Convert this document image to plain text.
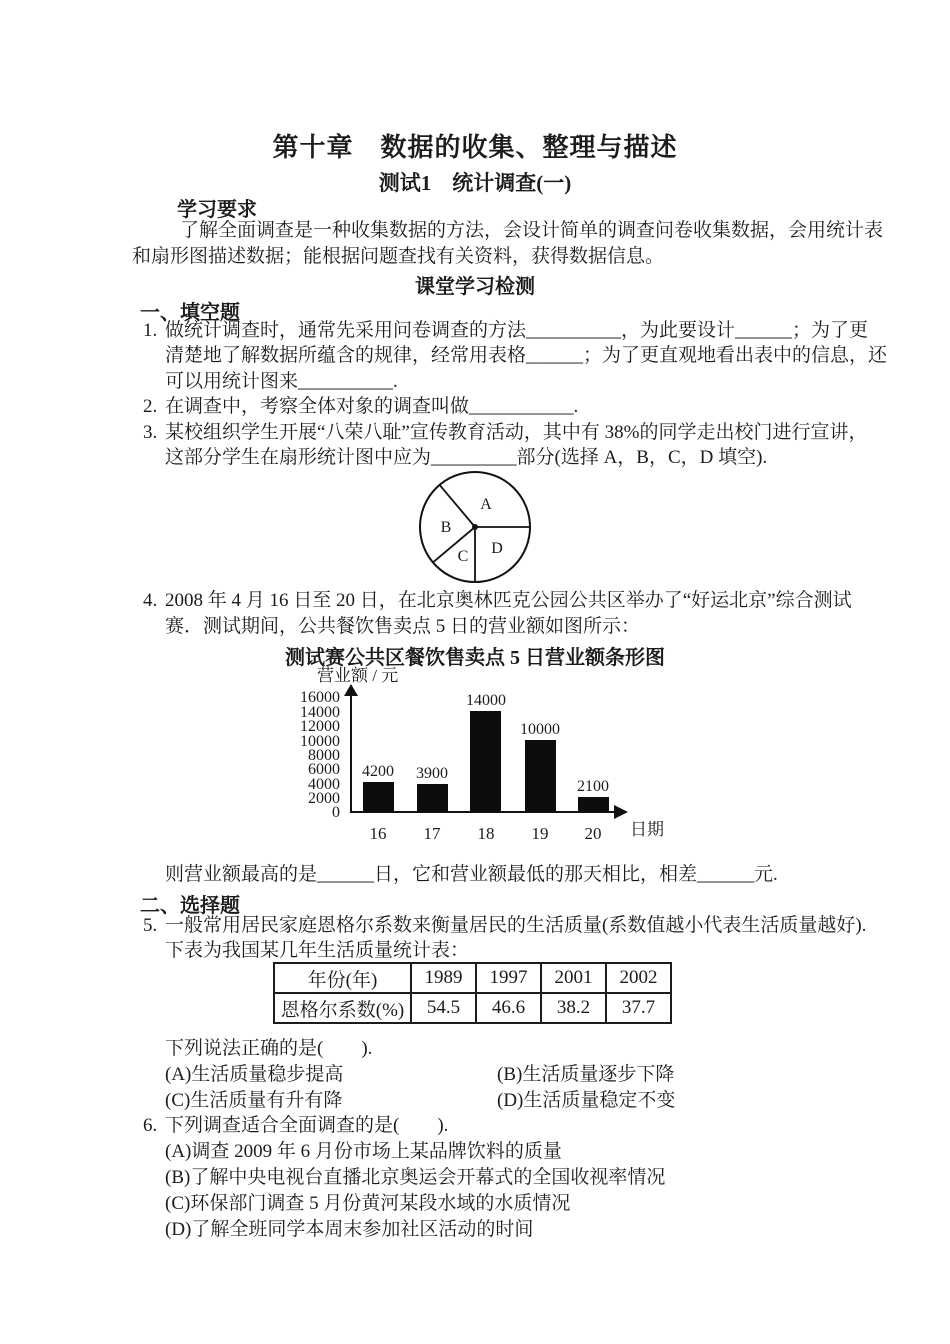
第十章　数据的收集、整理与描述
测试1　统计调查(一)
学习要求
了解全面调查是一种收集数据的方法，会设计简单的调查问卷收集数据，会用统计表
和扇形图描述数据；能根据问题查找有关资料，获得数据信息。
课堂学习检测
一、填空题
1. 做统计调查时，通常先采用问卷调查的方法__________，为此要设计______；为了更
清楚地了解数据所蕴含的规律，经常用表格______；为了更直观地看出表中的信息，还
可以用统计图来__________.
2. 在调查中，考察全体对象的调查叫做___________.
3. 某校组织学生开展“八荣八耻”宣传教育活动，其中有 38%的同学走出校门进行宣讲，
这部分学生在扇形统计图中应为_________部分(选择 A，B，C，D 填空).
A
B
C D
4. 2008 年 4 月 16 日至 20 日，在北京奥林匹克公园公共区举办了“好运北京”综合测试
赛．测试期间，公共餐饮售卖点 5 日的营业额如图所示：
测试赛公共区餐饮售卖点 5 日营业额条形图
营业额 / 元
16000
14000
12000
10000
8000
6000
4000
2000
0
4200	3900
14000
10000
2100
16	17	18	19	20	日期
则营业额最高的是______日，它和营业额最低的那天相比，相差______元.
二、选择题
5. 一般常用居民家庭恩格尔系数来衡量居民的生活质量(系数值越小代表生活质量越好).
下表为我国某几年生活质量统计表：
年份(年)	1989	1997	2001	2002
恩格尔系数(%)	54.5	46.6	38.2	37.7
下列说法正确的是(　　).
(A)生活质量稳步提高	(B)生活质量逐步下降
(C)生活质量有升有降	(D)生活质量稳定不变
6. 下列调查适合全面调查的是(　　).
(A)调查 2009 年 6 月份市场上某品牌饮料的质量
(B)了解中央电视台直播北京奥运会开幕式的全国收视率情况
(C)环保部门调查 5 月份黄河某段水域的水质情况
(D)了解全班同学本周末参加社区活动的时间
